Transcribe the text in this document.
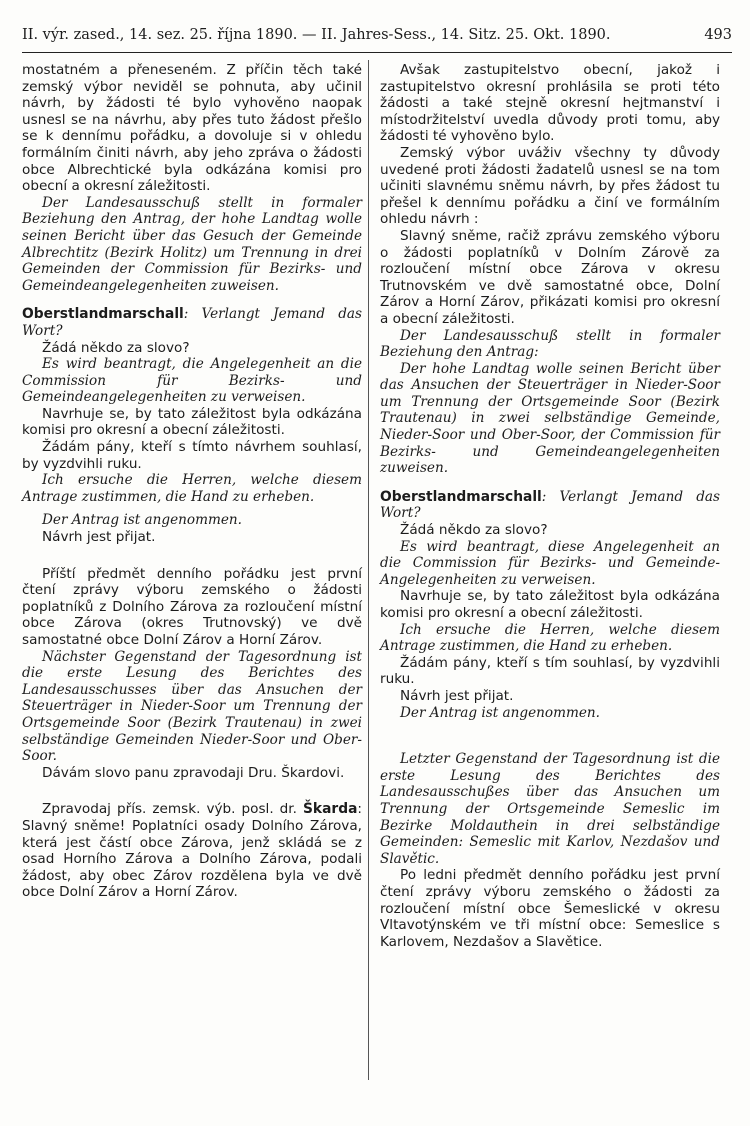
II. výr. zased., 14. sez. 25. října 1890. — II. Jahres-Sess., 14. Sitz. 25. Okt. 1890.	493

mostatném a přeneseném. Z příčin těch také zemský výbor neviděl se pohnuta, aby učinil návrh, by žádosti té bylo vyhověno naopak usnesl se na návrhu, aby přes tuto žádost přešlo se k dennímu pořádku, a dovoluje si v ohledu formálním činiti návrh, aby jeho zpráva o žádosti obce Albrechtické byla odkázána komisi pro obecní a okresní záležitosti.

Der Landesausschuß stellt in formaler Beziehung den Antrag, der hohe Landtag wolle seinen Bericht über das Gesuch der Gemeinde Albrechtitz (Bezirk Holitz) um Trennung in drei Gemeinden der Commission für Bezirks- und Gemeindeangelegenheiten zuweisen.

Oberstlandmarschall: Verlangt Jemand das Wort?

Žádá někdo za slovo?

Es wird beantragt, die Angelegenheit an die Commission für Bezirks- und Gemeindeangelegenheiten zu verweisen.

Navrhuje se, by tato záležitost byla odkázána komisi pro okresní a obecní záležitosti.

Žádám pány, kteří s tímto návrhem souhlasí, by vyzdvihli ruku.

Ich ersuche die Herren, welche diesem Antrage zustimmen, die Hand zu erheben.

Der Antrag ist angenommen.

Návrh jest přijat.

Příští předmět denního pořádku jest první čtení zprávy výboru zemského o žádosti poplatníků z Dolního Zárova za rozloučení místní obce Zárova (okres Trutnovský) ve dvě samostatné obce Dolní Zárov a Horní Zárov.

Nächster Gegenstand der Tagesordnung ist die erste Lesung des Berichtes des Landesausschusses über das Ansuchen der Steuerträger in Nieder-Soor um Trennung der Ortsgemeinde Soor (Bezirk Trautenau) in zwei selbständige Gemeinden Nieder-Soor und Ober-Soor.

Dávám slovo panu zpravodaji Dru. Škardovi.

Zpravodaj přís. zemsk. výb. posl. dr. Škarda: Slavný sněme! Poplatníci osady Dolního Zárova, která jest částí obce Zárova, jenž skládá se z osad Horního Zárova a Dolního Zárova, podali žádost, aby obec Zárov rozdělena byla ve dvě obce Dolní Zárov a Horní Zárov.

Avšak zastupitelstvo obecní, jakož i zastupitelstvo okresní prohlásila se proti této žádosti a také stejně okresní hejtmanství i místodržitelství uvedla důvody proti tomu, aby žádosti té vyhověno bylo.

Zemský výbor uváživ všechny ty důvody uvedené proti žádosti žadatelů usnesl se na tom učiniti slavnému sněmu návrh, by přes žádost tu přešel k dennímu pořádku a činí ve formálním ohledu návrh :

Slavný sněme, račiž zprávu zemského výboru o žádosti poplatníků v Dolním Zárově za rozloučení místní obce Zárova v okresu Trutnovském ve dvě samostatné obce, Dolní Zárov a Horní Zárov, přikázati komisi pro okresní a obecní záležitosti.

Der Landesausschuß stellt in formaler Beziehung den Antrag:

Der hohe Landtag wolle seinen Bericht über das Ansuchen der Steuerträger in Nieder-Soor um Trennung der Ortsgemeinde Soor (Bezirk Trautenau) in zwei selbständige Gemeinde, Nieder-Soor und Ober-Soor, der Commission für Bezirks- und Gemeindeangelegenheiten zuweisen.

Oberstlandmarschall: Verlangt Jemand das Wort?

Žádá někdo za slovo?

Es wird beantragt, diese Angelegenheit an die Commission für Bezirks- und Gemeinde-Angelegenheiten zu verweisen.

Navrhuje se, by tato záležitost byla odkázána komisi pro okresní a obecní záležitosti.

Ich ersuche die Herren, welche diesem Antrage zustimmen, die Hand zu erheben.

Žádám pány, kteří s tím souhlasí, by vyzdvihli ruku.

Návrh jest přijat.

Der Antrag ist angenommen.

Letzter Gegenstand der Tagesordnung ist die erste Lesung des Berichtes des Landesausschußes über das Ansuchen um Trennung der Ortsgemeinde Semeslic im Bezirke Moldauthein in drei selbständige Gemeinden: Semeslic mit Karlov, Nezdašov und Slavětic.

Po ledni předmět denního pořádku jest první čtení zprávy výboru zemského o žádosti za rozloučení místní obce Šemeslické v okresu Vltavotýnském ve tři místní obce: Semeslice s Karlovem, Nezdašov a Slavětice.
